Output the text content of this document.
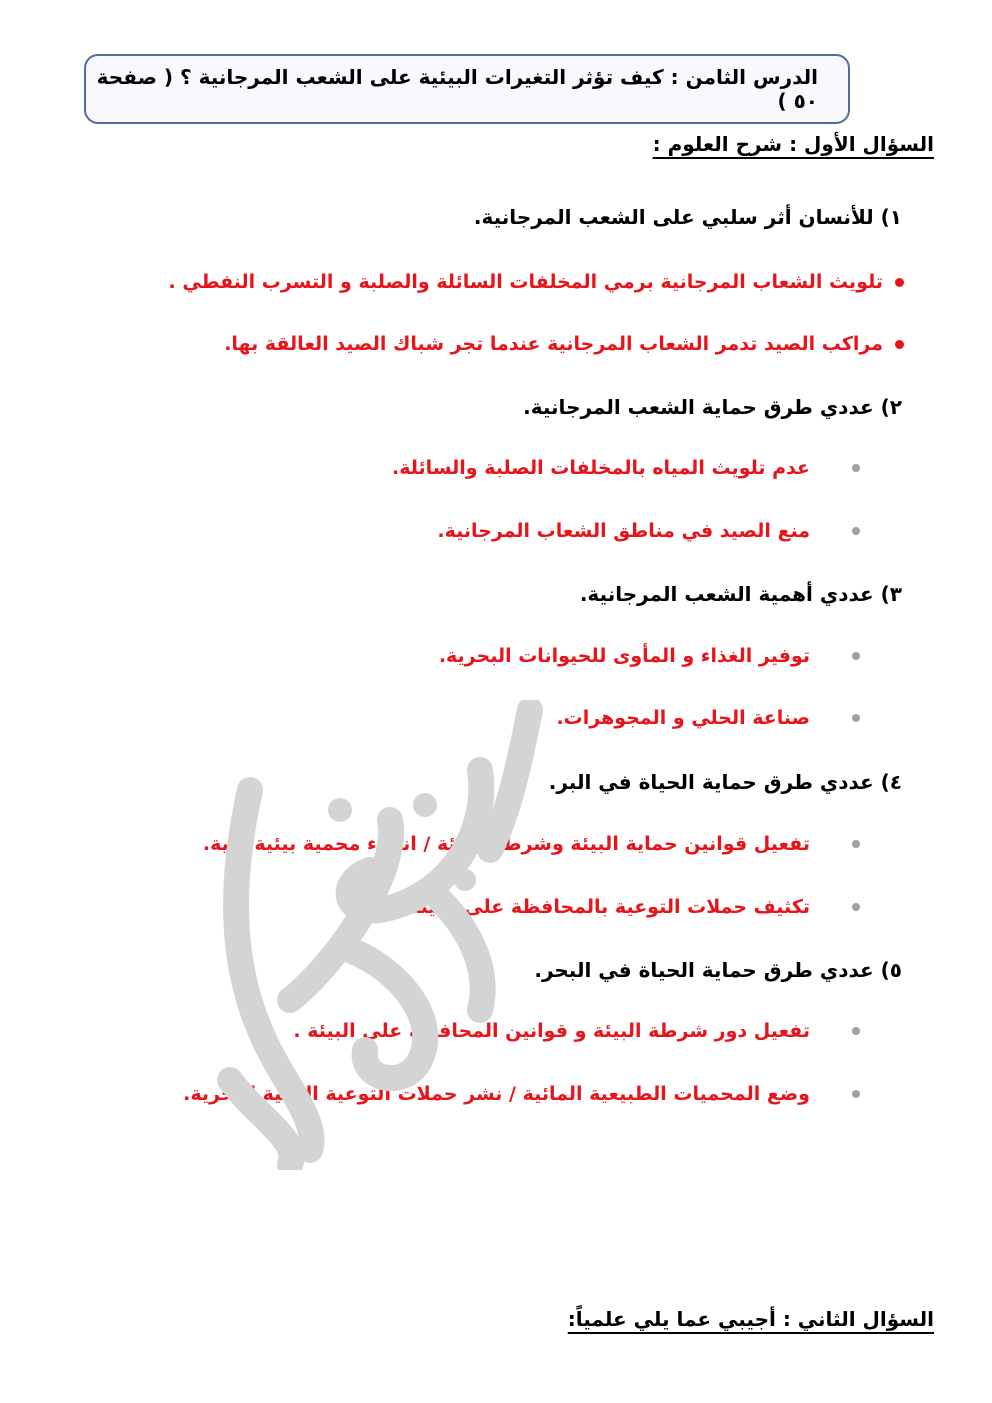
الدرس الثامن : كيف تؤثر التغيرات البيئية على الشعب المرجانية ؟ ( صفحة ٥٠ )
السؤال الأول : شرح العلوم :
١) للأنسان أثر سلبي على الشعب المرجانية.
تلويث الشعاب المرجانية برمي المخلفات السائلة والصلبة و التسرب النفطي .
مراكب الصيد تدمر الشعاب المرجانية عندما تجر شباك الصيد العالقة بها.
٢) عددي طرق حماية الشعب المرجانية.
عدم تلويث المياه بالمخلفات الصلبة والسائلة.
منع الصيد في مناطق الشعاب المرجانية.
٣) عددي أهمية الشعب المرجانية.
توفير الغذاء و المأوى للحيوانات البحرية.
صناعة الحلي و المجوهرات.
٤) عددي طرق حماية الحياة في البر.
تفعيل قوانين حماية البيئة وشرطة البيئة / انشاء محمية بيئية برية.
تكثيف حملات التوعية بالمحافظة على البيئة البرية.
٥) عددي طرق حماية الحياة في البحر.
تفعيل دور شرطة البيئة و قوانين المحافظة على البيئة .
وضع المحميات الطبيعية المائية / نشر حملات التوعية البيئية البحرية.
السؤال الثاني : أجيبي عما يلي علمياً:
